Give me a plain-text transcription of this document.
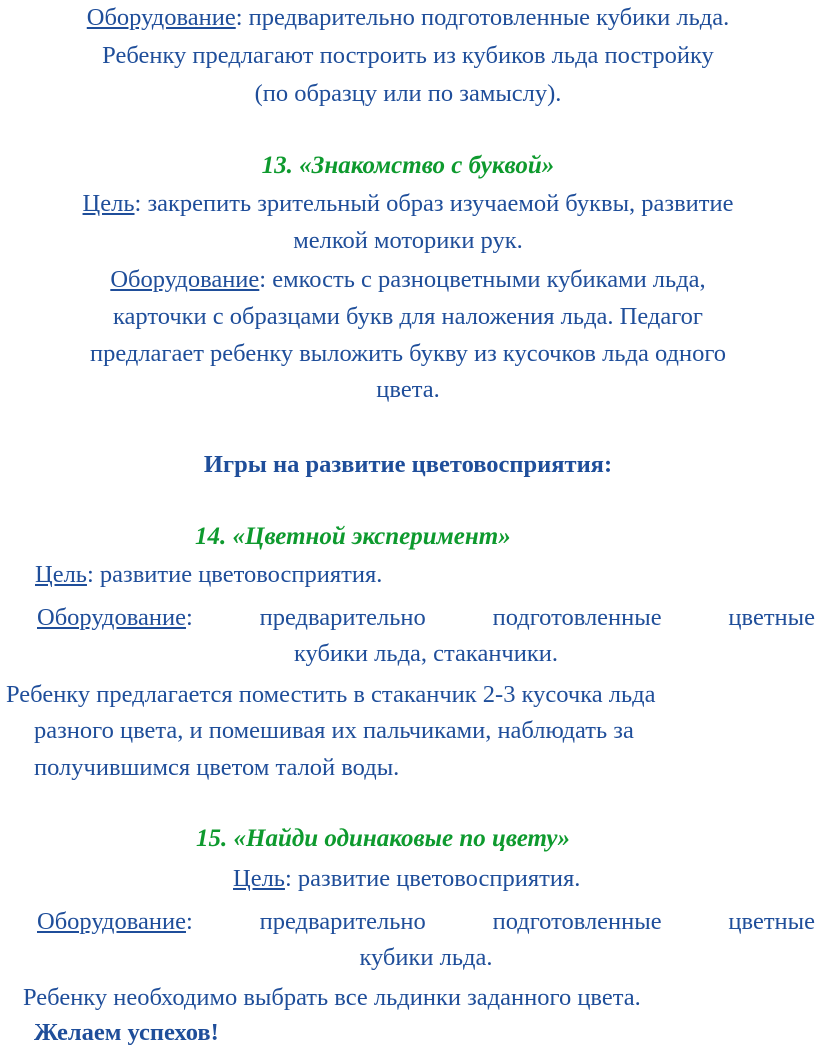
Оборудование: предварительно подготовленные кубики льда.
Ребенку предлагают построить из кубиков льда постройку
(по образцу или по замыслу).
13. «Знакомство с буквой»
Цель: закрепить зрительный образ изучаемой буквы, развитие
мелкой моторики рук.
Оборудование: емкость с разноцветными кубиками льда,
карточки с образцами букв для наложения льда. Педагог
предлагает ребенку выложить букву из кусочков льда одного
цвета.
Игры на развитие цветовосприятия:
14. «Цветной эксперимент»
Цель: развитие цветовосприятия.
Оборудование:	предварительно	подготовленные	цветные
кубики льда, стаканчики.
Ребенку предлагается поместить в стаканчик 2-3 кусочка льда
разного цвета, и помешивая их пальчиками, наблюдать за
получившимся цветом талой воды.
15. «Найди одинаковые по цвету»
Цель: развитие цветовосприятия.
Оборудование:	предварительно	подготовленные	цветные
кубики льда.
Ребенку необходимо выбрать все льдинки заданного цвета.
Желаем успехов!
